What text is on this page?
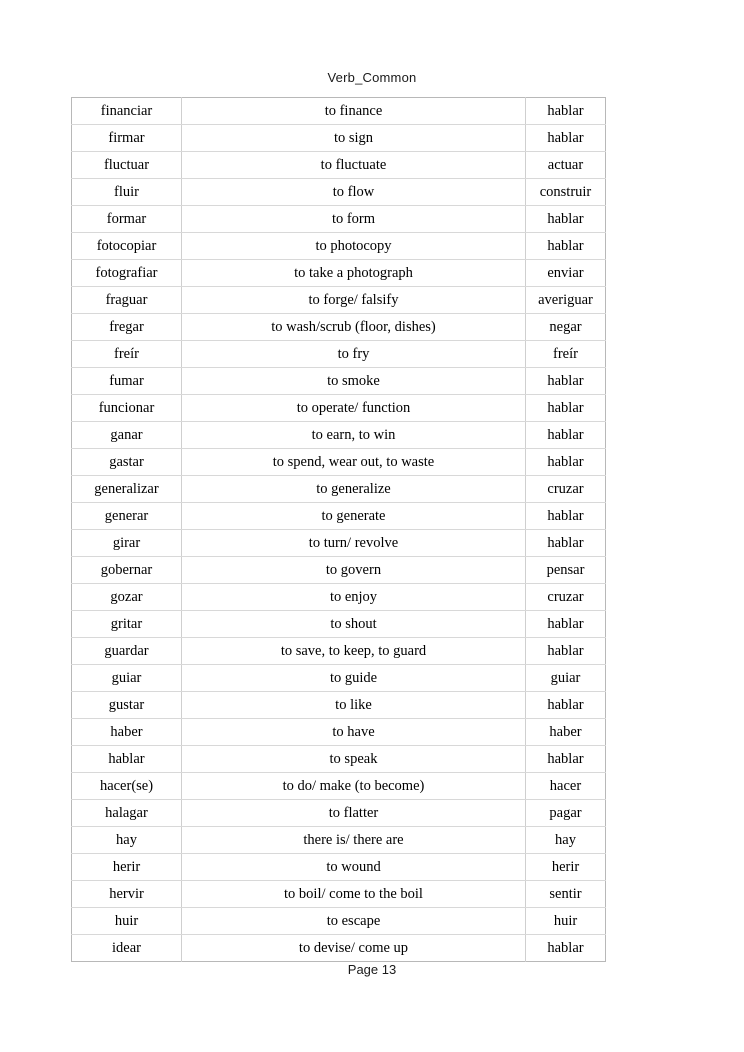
Verb_Common
financiar	to finance	hablar
firmar	to sign	hablar
fluctuar	to fluctuate	actuar
fluir	to flow	construir
formar	to form	hablar
fotocopiar	to photocopy	hablar
fotografiar	to take a photograph	enviar
fraguar	to forge/ falsify	averiguar
fregar	to wash/scrub (floor, dishes)	negar
freír	to fry	freír
fumar	to smoke	hablar
funcionar	to operate/ function	hablar
ganar	to earn, to win	hablar
gastar	to spend, wear out, to waste	hablar
generalizar	to generalize	cruzar
generar	to generate	hablar
girar	to turn/ revolve	hablar
gobernar	to govern	pensar
gozar	to enjoy	cruzar
gritar	to shout	hablar
guardar	to save, to keep, to guard	hablar
guiar	to guide	guiar
gustar	to like	hablar
haber	to have	haber
hablar	to speak	hablar
hacer(se)	to do/ make (to become)	hacer
halagar	to flatter	pagar
hay	there is/ there are	hay
herir	to wound	herir
hervir	to boil/ come to the boil	sentir
huir	to escape	huir
idear	to devise/ come up	hablar
Page 13
